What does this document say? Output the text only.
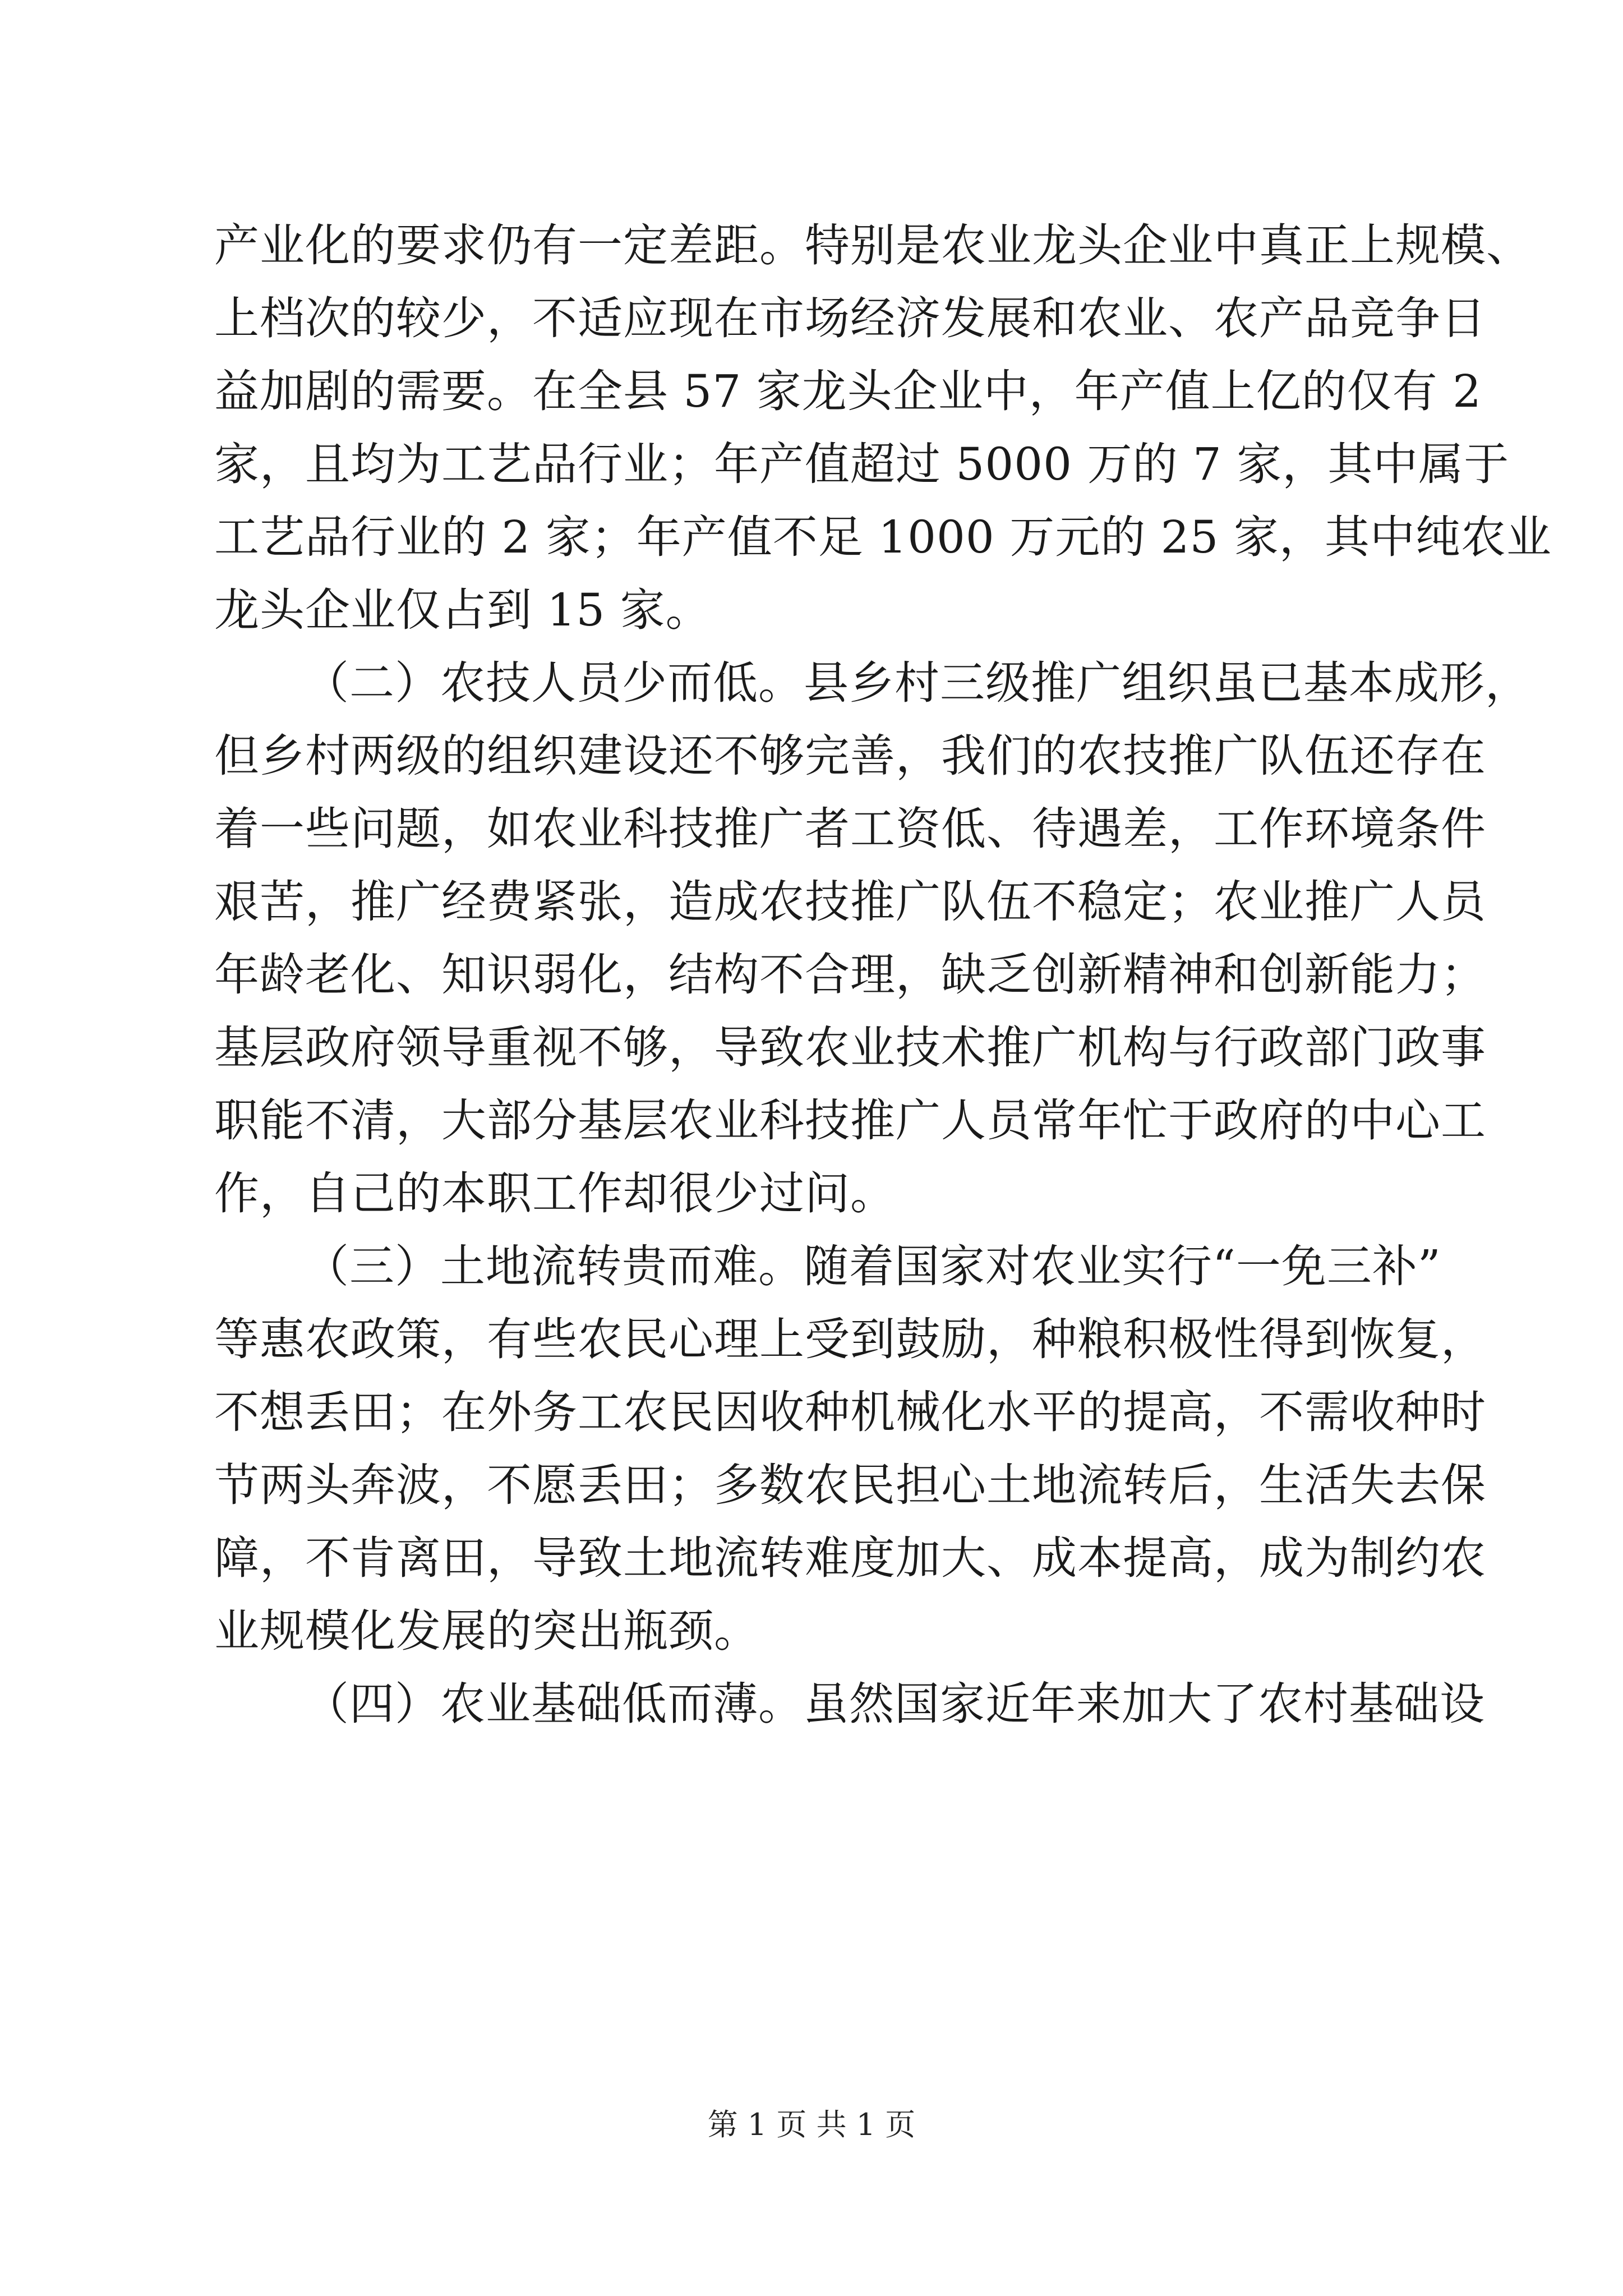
产业化的要求仍有一定差距。特别是农业龙头企业中真正上规模、
上档次的较少，不适应现在市场经济发展和农业、农产品竞争日
益加剧的需要。在全县 57 家龙头企业中，年产值上亿的仅有 2
家，且均为工艺品行业；年产值超过 5000 万的 7 家，其中属于
工艺品行业的 2 家；年产值不足 1000 万元的 25 家，其中纯农业
龙头企业仅占到 15 家。
（二）农技人员少而低。县乡村三级推广组织虽已基本成形，
但乡村两级的组织建设还不够完善，我们的农技推广队伍还存在
着一些问题，如农业科技推广者工资低、待遇差，工作环境条件
艰苦，推广经费紧张，造成农技推广队伍不稳定；农业推广人员
年龄老化、知识弱化，结构不合理，缺乏创新精神和创新能力；
基层政府领导重视不够，导致农业技术推广机构与行政部门政事
职能不清，大部分基层农业科技推广人员常年忙于政府的中心工
作，自己的本职工作却很少过问。
（三）土地流转贵而难。随着国家对农业实行“一免三补”
等惠农政策，有些农民心理上受到鼓励，种粮积极性得到恢复，
不想丢田；在外务工农民因收种机械化水平的提高，不需收种时
节两头奔波，不愿丢田；多数农民担心土地流转后，生活失去保
障，不肯离田，导致土地流转难度加大、成本提高，成为制约农
业规模化发展的突出瓶颈。
（四）农业基础低而薄。虽然国家近年来加大了农村基础设
第 1 页 共 1 页
